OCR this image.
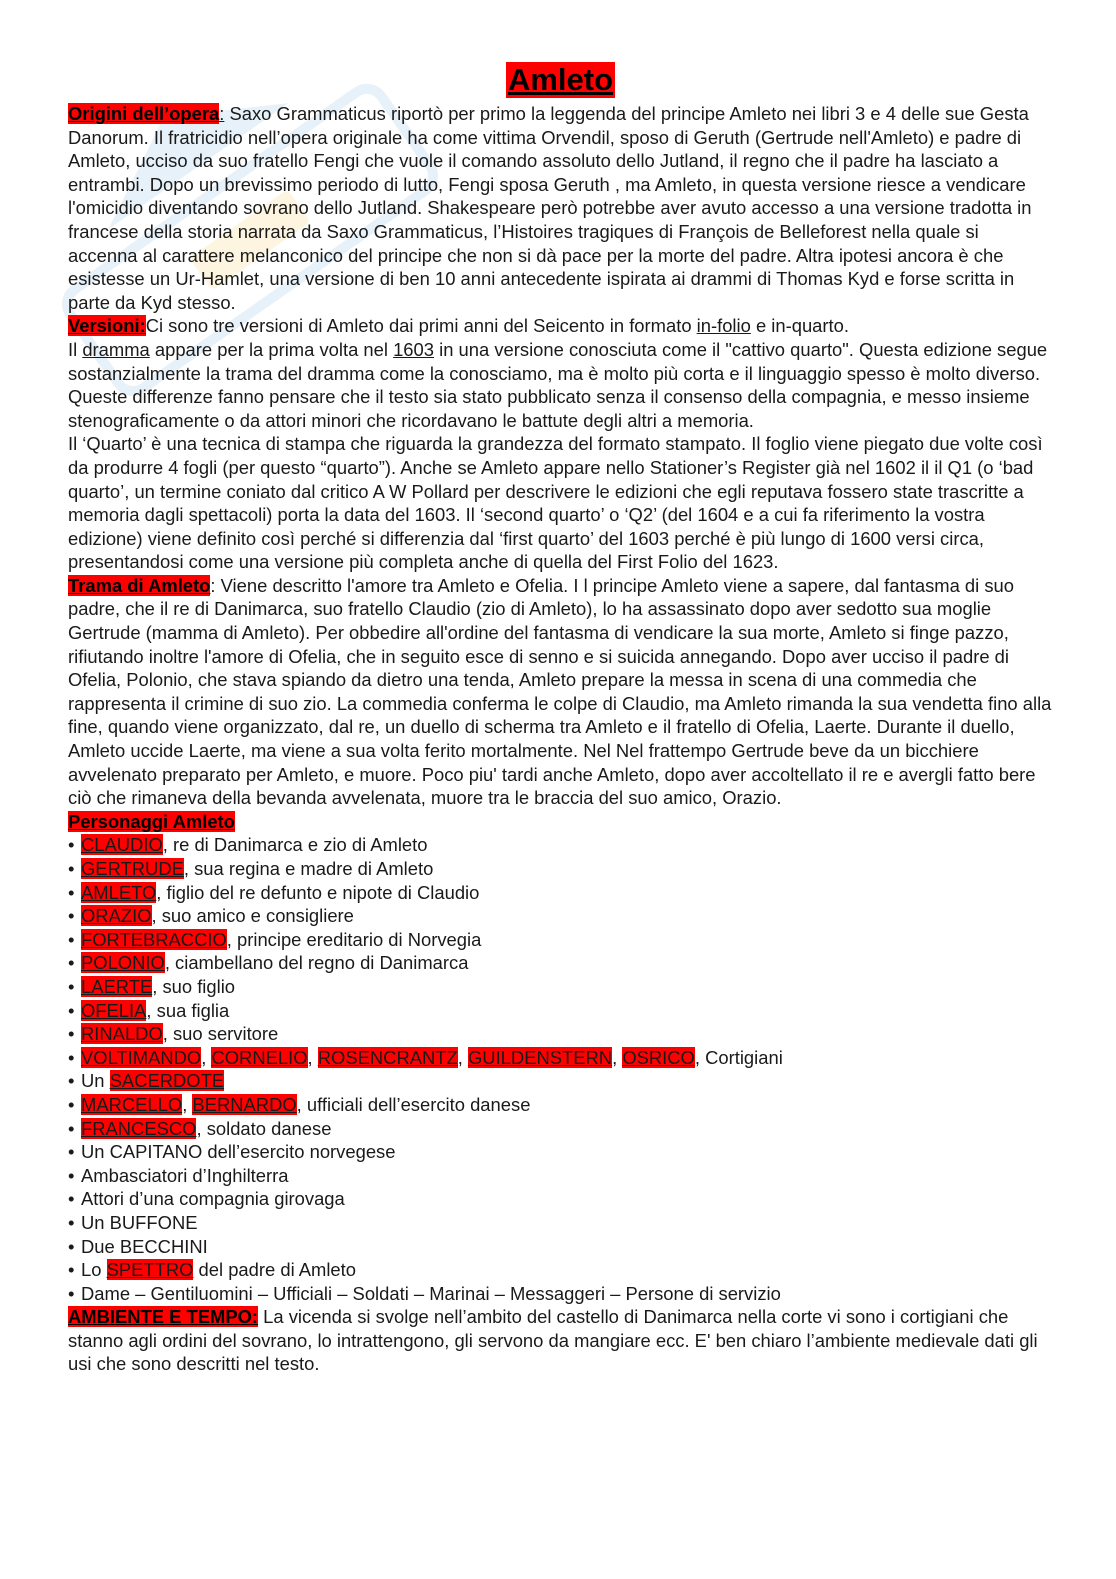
Amleto

Origini dell’opera: Saxo Grammaticus riportò per primo la leggenda del principe Amleto nei libri 3 e 4 delle sue Gesta Danorum. Il fratricidio nell’opera originale ha come vittima Orvendil, sposo di Geruth (Gertrude nell'Amleto) e padre di Amleto, ucciso da suo fratello Fengi che vuole il comando assoluto dello Jutland, il regno che il padre ha lasciato a entrambi. Dopo un brevissimo periodo di lutto, Fengi sposa Geruth , ma Amleto, in questa versione riesce a vendicare l'omicidio diventando sovrano dello Jutland. Shakespeare però potrebbe aver avuto accesso a una versione tradotta in francese della storia narrata da Saxo Grammaticus, l’Histoires tragiques di François de Belleforest nella quale si accenna al carattere melanconico del principe che non si dà pace per la morte del padre. Altra ipotesi ancora è che esistesse un Ur-Hamlet, una versione di ben 10 anni antecedente ispirata ai drammi di Thomas Kyd e forse scritta in parte da Kyd stesso.

Versioni:Ci sono tre versioni di Amleto dai primi anni del Seicento in formato in-folio e in-quarto.

Il dramma appare per la prima volta nel 1603 in una versione conosciuta come il "cattivo quarto". Questa edizione segue sostanzialmente la trama del dramma come la conosciamo, ma è molto più corta e il linguaggio spesso è molto diverso. Queste differenze fanno pensare che il testo sia stato pubblicato senza il consenso della compagnia, e messo insieme stenograficamente o da attori minori che ricordavano le battute degli altri a memoria.

Il ‘Quarto’ è una tecnica di stampa che riguarda la grandezza del formato stampato. Il foglio viene piegato due volte così da produrre 4 fogli (per questo “quarto”). Anche se Amleto appare nello Stationer’s Register già nel 1602 il il Q1 (o ‘bad quarto’, un termine coniato dal critico A W Pollard per descrivere le edizioni che egli reputava fossero state trascritte a memoria dagli spettacoli) porta la data del 1603. Il ‘second quarto’ o ‘Q2’ (del 1604 e a cui fa riferimento la vostra edizione) viene definito così perché si differenzia dal ‘first quarto’ del 1603 perché è più lungo di 1600 versi circa, presentandosi come una versione più completa anche di quella del First Folio del 1623.

Trama di Amleto: Viene descritto l'amore tra Amleto e Ofelia. I l principe Amleto viene a sapere, dal fantasma di suo padre, che il re di Danimarca, suo fratello Claudio (zio di Amleto), lo ha assassinato dopo aver sedotto sua moglie Gertrude (mamma di Amleto). Per obbedire all'ordine del fantasma di vendicare la sua morte, Amleto si finge pazzo, rifiutando inoltre l'amore di Ofelia, che in seguito esce di senno e si suicida annegando. Dopo aver ucciso il padre di Ofelia, Polonio, che stava spiando da dietro una tenda, Amleto prepare la messa in scena di una commedia che rappresenta il crimine di suo zio. La commedia conferma le colpe di Claudio, ma Amleto rimanda la sua vendetta fino alla fine, quando viene organizzato, dal re, un duello di scherma tra Amleto e il fratello di Ofelia, Laerte. Durante il duello, Amleto uccide Laerte, ma viene a sua volta ferito mortalmente. Nel Nel frattempo Gertrude beve da un bicchiere avvelenato preparato per Amleto, e muore. Poco piu' tardi anche Amleto, dopo aver accoltellato il re e avergli fatto bere ciò che rimaneva della bevanda avvelenata, muore tra le braccia del suo amico, Orazio.

Personaggi Amleto

• CLAUDIO, re di Danimarca e zio di Amleto
• GERTRUDE, sua regina e madre di Amleto
• AMLETO, figlio del re defunto e nipote di Claudio
• ORAZIO, suo amico e consigliere
• FORTEBRACCIO, principe ereditario di Norvegia
• POLONIO, ciambellano del regno di Danimarca
• LAERTE, suo figlio
• OFELIA, sua figlia
• RINALDO, suo servitore
• VOLTIMANDO, CORNELIO, ROSENCRANTZ, GUILDENSTERN, OSRICO, Cortigiani
• Un SACERDOTE
• MARCELLO, BERNARDO, ufficiali dell’esercito danese
• FRANCESCO, soldato danese
• Un CAPITANO dell’esercito norvegese
• Ambasciatori d’Inghilterra
• Attori d’una compagnia girovaga
• Un BUFFONE
• Due BECCHINI
• Lo SPETTRO del padre di Amleto
• Dame – Gentiluomini – Ufficiali – Soldati – Marinai – Messaggeri – Persone di servizio

AMBIENTE E TEMPO: La vicenda si svolge nell’ambito del castello di Danimarca nella corte vi sono i cortigiani che stanno agli ordini del sovrano, lo intrattengono, gli servono da mangiare ecc. E' ben chiaro l’ambiente medievale dati gli usi che sono descritti nel testo.
